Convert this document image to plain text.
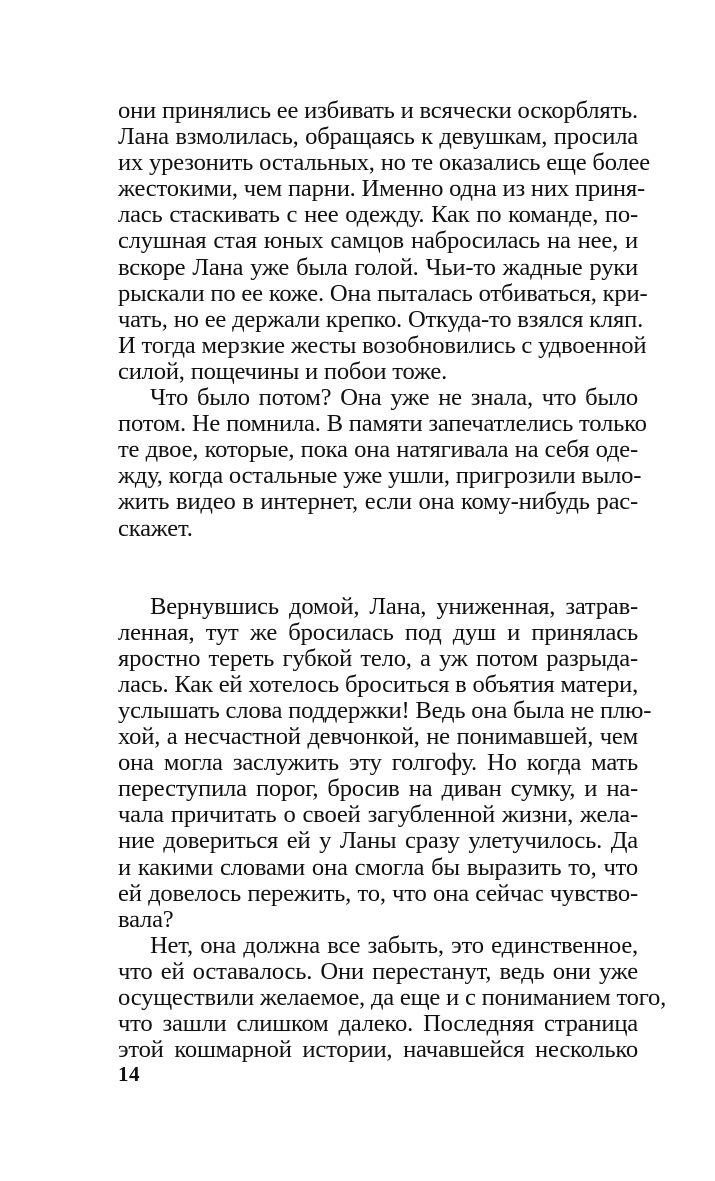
они принялись ее избивать и всячески оскорблять.
Лана взмолилась, обращаясь к девушкам, просила
их урезонить остальных, но те оказались еще более
жестокими, чем парни. Именно одна из них приня-
лась стаскивать с нее одежду. Как по команде, по-
слушная стая юных самцов набросилась на нее, и
вскоре Лана уже была голой. Чьи-то жадные руки
рыскали по ее коже. Она пыталась отбиваться, кри-
чать, но ее держали крепко. Откуда-то взялся кляп.
И тогда мерзкие жесты возобновились с удвоенной
силой, пощечины и побои тоже.
Что было потом? Она уже не знала, что было
потом. Не помнила. В памяти запечатлелись только
те двое, которые, пока она натягивала на себя оде-
жду, когда остальные уже ушли, пригрозили выло-
жить видео в интернет, если она кому-нибудь рас-
скажет.
Вернувшись домой, Лана, униженная, затрав-
ленная, тут же бросилась под душ и принялась
яростно тереть губкой тело, а уж потом разрыда-
лась. Как ей хотелось броситься в объятия матери,
услышать слова поддержки! Ведь она была не плю-
хой, а несчастной девчонкой, не понимавшей, чем
она могла заслужить эту голгофу. Но когда мать
переступила порог, бросив на диван сумку, и на-
чала причитать о своей загубленной жизни, жела-
ние довериться ей у Ланы сразу улетучилось. Да
и какими словами она смогла бы выразить то, что
ей довелось пережить, то, что она сейчас чувство-
вала?
Нет, она должна все забыть, это единственное,
что ей оставалось. Они перестанут, ведь они уже
осуществили желаемое, да еще и с пониманием того,
что зашли слишком далеко. Последняя страница
этой кошмарной истории, начавшейся несколько
14
